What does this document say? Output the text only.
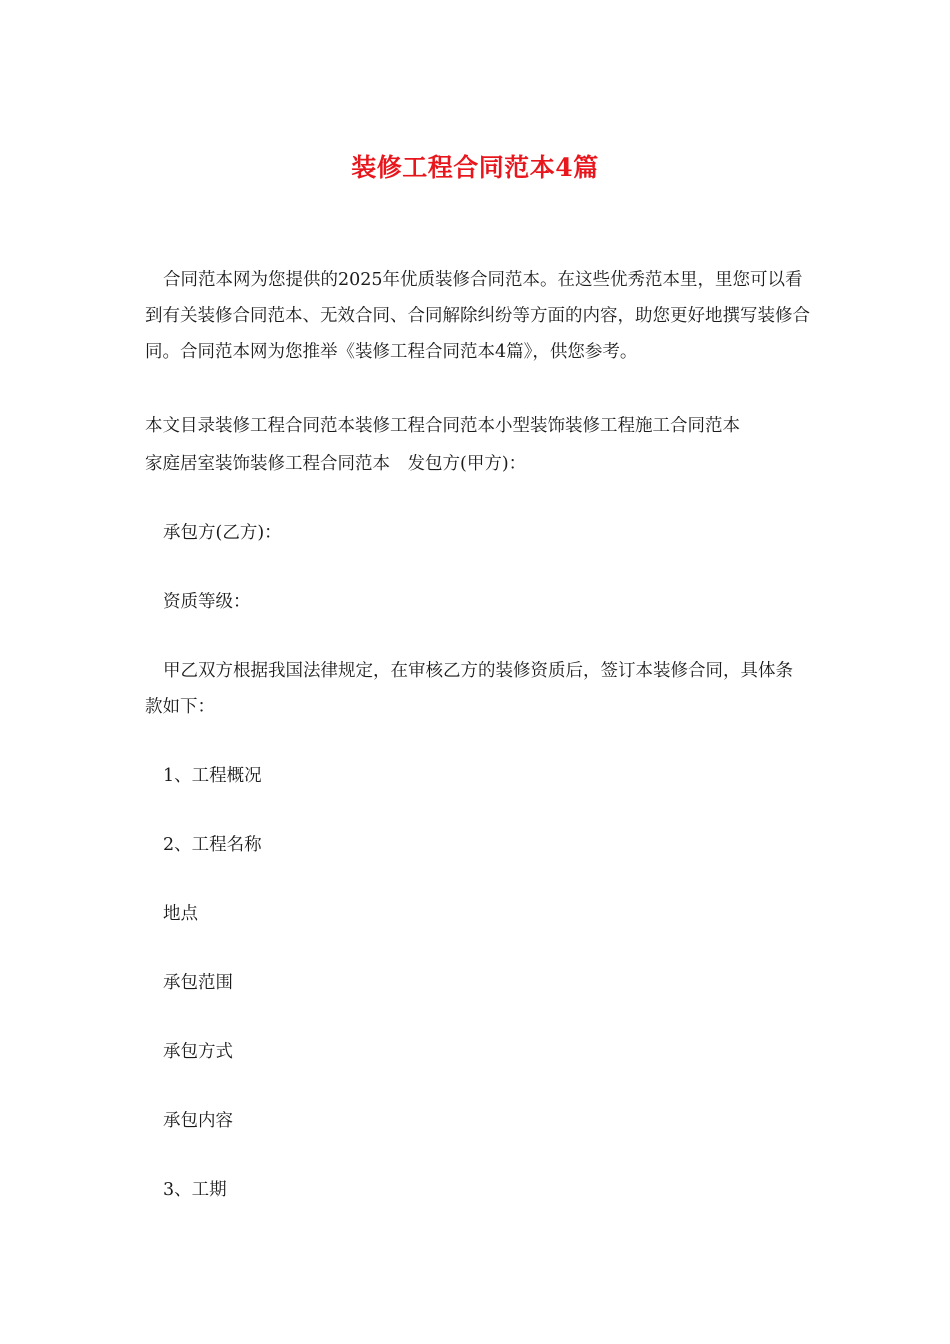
装修工程合同范本4篇

合同范本网为您提供的2025年优质装修合同范本。在这些优秀范本里，里您可以看到有关装修合同范本、无效合同、合同解除纠纷等方面的内容，助您更好地撰写装修合同。合同范本网为您推举《装修工程合同范本4篇》，供您参考。

本文目录装修工程合同范本装修工程合同范本小型装饰装修工程施工合同范本

家庭居室装饰装修工程合同范本　发包方(甲方)：

承包方(乙方)：

资质等级：

甲乙双方根据我国法律规定，在审核乙方的装修资质后，签订本装修合同，具体条款如下：

1、工程概况

2、工程名称

地点

承包范围

承包方式

承包内容

3、工期
